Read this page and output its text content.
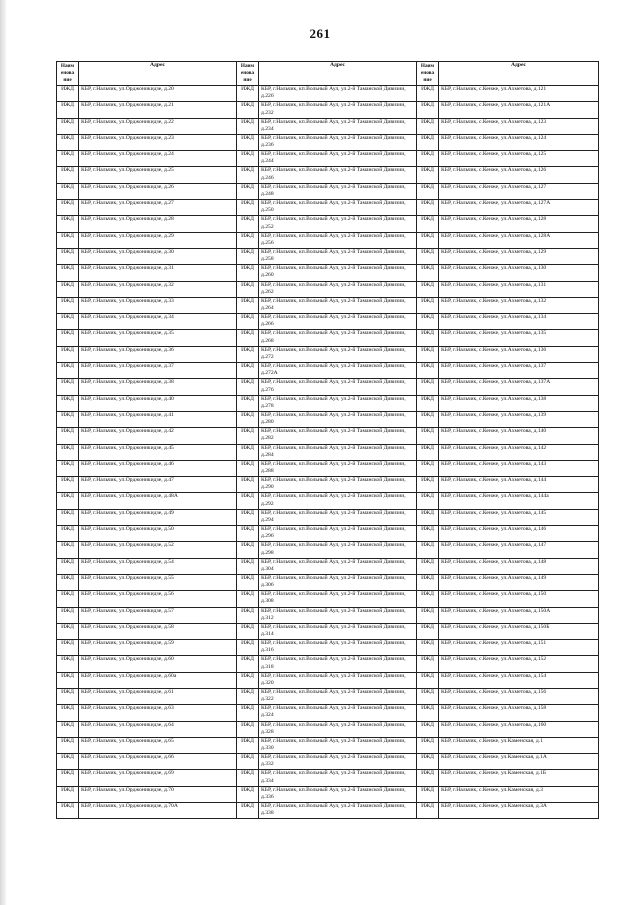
261
Наим енова ние	Адрес	Наим енова ние	Адрес	Наим енова ние	Адрес
ИЖД	КБР, г.Нальчик, ул.Орджоникидзе, д.20	ИЖД	КБР, г.Нальчик, кп.Вольный Аул, ул.2-й Таманской Дивизии, д.226	ИЖД	КБР, г.Нальчик, с.Кенже, ул.Ахметова, д.121
ИЖД	КБР, г.Нальчик, ул.Орджоникидзе, д.21	ИЖД	КБР, г.Нальчик, кп.Вольный Аул, ул.2-й Таманской Дивизии, д.232	ИЖД	КБР, г.Нальчик, с.Кенже, ул.Ахметова, д.121А
ИЖД	КБР, г.Нальчик, ул.Орджоникидзе, д.22	ИЖД	КБР, г.Нальчик, кп.Вольный Аул, ул.2-й Таманской Дивизии, д.234	ИЖД	КБР, г.Нальчик, с.Кенже, ул.Ахметова, д.123
ИЖД	КБР, г.Нальчик, ул.Орджоникидзе, д.23	ИЖД	КБР, г.Нальчик, кп.Вольный Аул, ул.2-й Таманской Дивизии, д.236	ИЖД	КБР, г.Нальчик, с.Кенже, ул.Ахметова, д.124
ИЖД	КБР, г.Нальчик, ул.Орджоникидзе, д.24	ИЖД	КБР, г.Нальчик, кп.Вольный Аул, ул.2-й Таманской Дивизии, д.244	ИЖД	КБР, г.Нальчик, с.Кенже, ул.Ахметова, д.125
ИЖД	КБР, г.Нальчик, ул.Орджоникидзе, д.25	ИЖД	КБР, г.Нальчик, кп.Вольный Аул, ул.2-й Таманской Дивизии, д.246	ИЖД	КБР, г.Нальчик, с.Кенже, ул.Ахметова, д.126
ИЖД	КБР, г.Нальчик, ул.Орджоникидзе, д.26	ИЖД	КБР, г.Нальчик, кп.Вольный Аул, ул.2-й Таманской Дивизии, д.248	ИЖД	КБР, г.Нальчик, с.Кенже, ул.Ахметова, д.127
ИЖД	КБР, г.Нальчик, ул.Орджоникидзе, д.27	ИЖД	КБР, г.Нальчик, кп.Вольный Аул, ул.2-й Таманской Дивизии, д.250	ИЖД	КБР, г.Нальчик, с.Кенже, ул.Ахметова, д.127А
ИЖД	КБР, г.Нальчик, ул.Орджоникидзе, д.28	ИЖД	КБР, г.Нальчик, кп.Вольный Аул, ул.2-й Таманской Дивизии, д.252	ИЖД	КБР, г.Нальчик, с.Кенже, ул.Ахметова, д.128
ИЖД	КБР, г.Нальчик, ул.Орджоникидзе, д.29	ИЖД	КБР, г.Нальчик, кп.Вольный Аул, ул.2-й Таманской Дивизии, д.256	ИЖД	КБР, г.Нальчик, с.Кенже, ул.Ахметова, д.128А
ИЖД	КБР, г.Нальчик, ул.Орджоникидзе, д.30	ИЖД	КБР, г.Нальчик, кп.Вольный Аул, ул.2-й Таманской Дивизии, д.258	ИЖД	КБР, г.Нальчик, с.Кенже, ул.Ахметова, д.129
ИЖД	КБР, г.Нальчик, ул.Орджоникидзе, д.31	ИЖД	КБР, г.Нальчик, кп.Вольный Аул, ул.2-й Таманской Дивизии, д.260	ИЖД	КБР, г.Нальчик, с.Кенже, ул.Ахметова, д.130
ИЖД	КБР, г.Нальчик, ул.Орджоникидзе, д.32	ИЖД	КБР, г.Нальчик, кп.Вольный Аул, ул.2-й Таманской Дивизии, д.262	ИЖД	КБР, г.Нальчик, с.Кенже, ул.Ахметова, д.131
ИЖД	КБР, г.Нальчик, ул.Орджоникидзе, д.33	ИЖД	КБР, г.Нальчик, кп.Вольный Аул, ул.2-й Таманской Дивизии, д.264	ИЖД	КБР, г.Нальчик, с.Кенже, ул.Ахметова, д.132
ИЖД	КБР, г.Нальчик, ул.Орджоникидзе, д.34	ИЖД	КБР, г.Нальчик, кп.Вольный Аул, ул.2-й Таманской Дивизии, д.266	ИЖД	КБР, г.Нальчик, с.Кенже, ул.Ахметова, д.134
ИЖД	КБР, г.Нальчик, ул.Орджоникидзе, д.35	ИЖД	КБР, г.Нальчик, кп.Вольный Аул, ул.2-й Таманской Дивизии, д.268	ИЖД	КБР, г.Нальчик, с.Кенже, ул.Ахметова, д.135
ИЖД	КБР, г.Нальчик, ул.Орджоникидзе, д.36	ИЖД	КБР, г.Нальчик, кп.Вольный Аул, ул.2-й Таманской Дивизии, д.272	ИЖД	КБР, г.Нальчик, с.Кенже, ул.Ахметова, д.136
ИЖД	КБР, г.Нальчик, ул.Орджоникидзе, д.37	ИЖД	КБР, г.Нальчик, кп.Вольный Аул, ул.2-й Таманской Дивизии, д.272А	ИЖД	КБР, г.Нальчик, с.Кенже, ул.Ахметова, д.137
ИЖД	КБР, г.Нальчик, ул.Орджоникидзе, д.38	ИЖД	КБР, г.Нальчик, кп.Вольный Аул, ул.2-й Таманской Дивизии, д.276	ИЖД	КБР, г.Нальчик, с.Кенже, ул.Ахметова, д.137А
ИЖД	КБР, г.Нальчик, ул.Орджоникидзе, д.40	ИЖД	КБР, г.Нальчик, кп.Вольный Аул, ул.2-й Таманской Дивизии, д.278	ИЖД	КБР, г.Нальчик, с.Кенже, ул.Ахметова, д.138
ИЖД	КБР, г.Нальчик, ул.Орджоникидзе, д.41	ИЖД	КБР, г.Нальчик, кп.Вольный Аул, ул.2-й Таманской Дивизии, д.280	ИЖД	КБР, г.Нальчик, с.Кенже, ул.Ахметова, д.139
ИЖД	КБР, г.Нальчик, ул.Орджоникидзе, д.42	ИЖД	КБР, г.Нальчик, кп.Вольный Аул, ул.2-й Таманской Дивизии, д.282	ИЖД	КБР, г.Нальчик, с.Кенже, ул.Ахметова, д.140
ИЖД	КБР, г.Нальчик, ул.Орджоникидзе, д.45	ИЖД	КБР, г.Нальчик, кп.Вольный Аул, ул.2-й Таманской Дивизии, д.284	ИЖД	КБР, г.Нальчик, с.Кенже, ул.Ахметова, д.142
ИЖД	КБР, г.Нальчик, ул.Орджоникидзе, д.46	ИЖД	КБР, г.Нальчик, кп.Вольный Аул, ул.2-й Таманской Дивизии, д.288	ИЖД	КБР, г.Нальчик, с.Кенже, ул.Ахметова, д.143
ИЖД	КБР, г.Нальчик, ул.Орджоникидзе, д.47	ИЖД	КБР, г.Нальчик, кп.Вольный Аул, ул.2-й Таманской Дивизии, д.290	ИЖД	КБР, г.Нальчик, с.Кенже, ул.Ахметова, д.144
ИЖД	КБР, г.Нальчик, ул.Орджоникидзе, д.48А	ИЖД	КБР, г.Нальчик, кп.Вольный Аул, ул.2-й Таманской Дивизии, д.292	ИЖД	КБР, г.Нальчик, с.Кенже, ул.Ахметова, д.144а
ИЖД	КБР, г.Нальчик, ул.Орджоникидзе, д.49	ИЖД	КБР, г.Нальчик, кп.Вольный Аул, ул.2-й Таманской Дивизии, д.294	ИЖД	КБР, г.Нальчик, с.Кенже, ул.Ахметова, д.145
ИЖД	КБР, г.Нальчик, ул.Орджоникидзе, д.50	ИЖД	КБР, г.Нальчик, кп.Вольный Аул, ул.2-й Таманской Дивизии, д.296	ИЖД	КБР, г.Нальчик, с.Кенже, ул.Ахметова, д.146
ИЖД	КБР, г.Нальчик, ул.Орджоникидзе, д.52	ИЖД	КБР, г.Нальчик, кп.Вольный Аул, ул.2-й Таманской Дивизии, д.298	ИЖД	КБР, г.Нальчик, с.Кенже, ул.Ахметова, д.147
ИЖД	КБР, г.Нальчик, ул.Орджоникидзе, д.54	ИЖД	КБР, г.Нальчик, кп.Вольный Аул, ул.2-й Таманской Дивизии, д.304	ИЖД	КБР, г.Нальчик, с.Кенже, ул.Ахметова, д.148
ИЖД	КБР, г.Нальчик, ул.Орджоникидзе, д.55	ИЖД	КБР, г.Нальчик, кп.Вольный Аул, ул.2-й Таманской Дивизии, д.306	ИЖД	КБР, г.Нальчик, с.Кенже, ул.Ахметова, д.149
ИЖД	КБР, г.Нальчик, ул.Орджоникидзе, д.56	ИЖД	КБР, г.Нальчик, кп.Вольный Аул, ул.2-й Таманской Дивизии, д.308	ИЖД	КБР, г.Нальчик, с.Кенже, ул.Ахметова, д.150
ИЖД	КБР, г.Нальчик, ул.Орджоникидзе, д.57	ИЖД	КБР, г.Нальчик, кп.Вольный Аул, ул.2-й Таманской Дивизии, д.312	ИЖД	КБР, г.Нальчик, с.Кенже, ул.Ахметова, д.150А
ИЖД	КБР, г.Нальчик, ул.Орджоникидзе, д.58	ИЖД	КБР, г.Нальчик, кп.Вольный Аул, ул.2-й Таманской Дивизии, д.314	ИЖД	КБР, г.Нальчик, с.Кенже, ул.Ахметова, д.150Б
ИЖД	КБР, г.Нальчик, ул.Орджоникидзе, д.59	ИЖД	КБР, г.Нальчик, кп.Вольный Аул, ул.2-й Таманской Дивизии, д.316	ИЖД	КБР, г.Нальчик, с.Кенже, ул.Ахметова, д.151
ИЖД	КБР, г.Нальчик, ул.Орджоникидзе, д.60	ИЖД	КБР, г.Нальчик, кп.Вольный Аул, ул.2-й Таманской Дивизии, д.318	ИЖД	КБР, г.Нальчик, с.Кенже, ул.Ахметова, д.152
ИЖД	КБР, г.Нальчик, ул.Орджоникидзе, д.60а	ИЖД	КБР, г.Нальчик, кп.Вольный Аул, ул.2-й Таманской Дивизии, д.320	ИЖД	КБР, г.Нальчик, с.Кенже, ул.Ахметова, д.154
ИЖД	КБР, г.Нальчик, ул.Орджоникидзе, д.61	ИЖД	КБР, г.Нальчик, кп.Вольный Аул, ул.2-й Таманской Дивизии, д.322	ИЖД	КБР, г.Нальчик, с.Кенже, ул.Ахметова, д.156
ИЖД	КБР, г.Нальчик, ул.Орджоникидзе, д.63	ИЖД	КБР, г.Нальчик, кп.Вольный Аул, ул.2-й Таманской Дивизии, д.324	ИЖД	КБР, г.Нальчик, с.Кенже, ул.Ахметова, д.158
ИЖД	КБР, г.Нальчик, ул.Орджоникидзе, д.64	ИЖД	КБР, г.Нальчик, кп.Вольный Аул, ул.2-й Таманской Дивизии, д.328	ИЖД	КБР, г.Нальчик, с.Кенже, ул.Ахметова, д.160
ИЖД	КБР, г.Нальчик, ул.Орджоникидзе, д.65	ИЖД	КБР, г.Нальчик, кп.Вольный Аул, ул.2-й Таманской Дивизии, д.330	ИЖД	КБР, г.Нальчик, с.Кенже, ул.Каменская, д.1
ИЖД	КБР, г.Нальчик, ул.Орджоникидзе, д.66	ИЖД	КБР, г.Нальчик, кп.Вольный Аул, ул.2-й Таманской Дивизии, д.332	ИЖД	КБР, г.Нальчик, с.Кенже, ул.Каменская, д.1А
ИЖД	КБР, г.Нальчик, ул.Орджоникидзе, д.69	ИЖД	КБР, г.Нальчик, кп.Вольный Аул, ул.2-й Таманской Дивизии, д.334	ИЖД	КБР, г.Нальчик, с.Кенже, ул.Каменская, д.1Б
ИЖД	КБР, г.Нальчик, ул.Орджоникидзе, д.70	ИЖД	КБР, г.Нальчик, кп.Вольный Аул, ул.2-й Таманской Дивизии, д.336	ИЖД	КБР, г.Нальчик, с.Кенже, ул.Каменская, д.3
ИЖД	КБР, г.Нальчик, ул.Орджоникидзе, д.70А	ИЖД	КБР, г.Нальчик, кп.Вольный Аул, ул.2-й Таманской Дивизии, д.338	ИЖД	КБР, г.Нальчик, с.Кенже, ул.Каменская, д.3А
